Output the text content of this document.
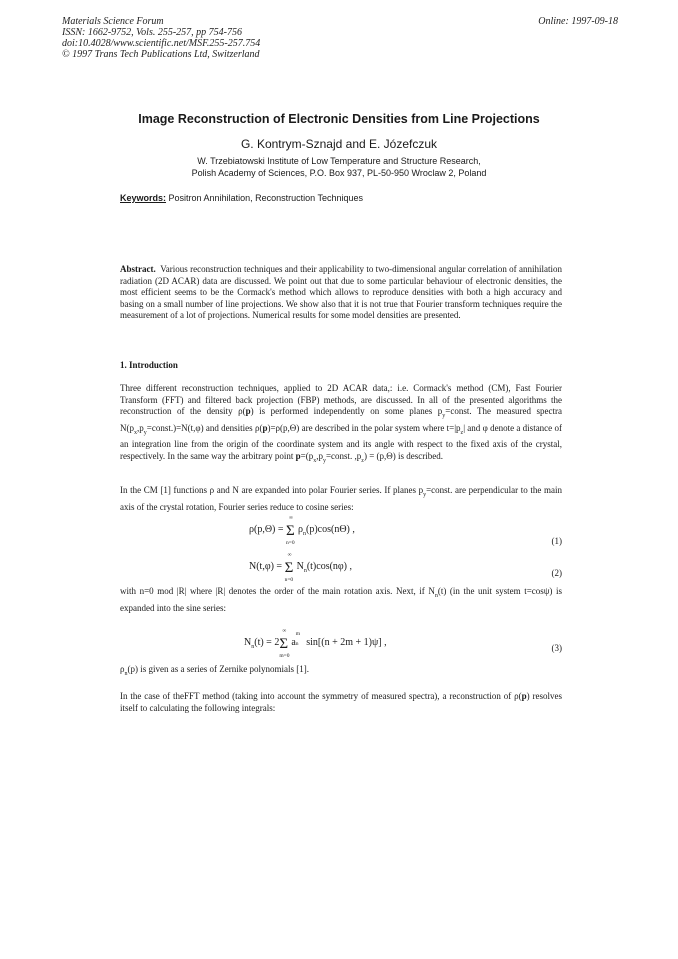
Materials Science Forum
ISSN: 1662-9752, Vols. 255-257, pp 754-756
doi:10.4028/www.scientific.net/MSF.255-257.754
© 1997 Trans Tech Publications Ltd, Switzerland
Online: 1997-09-18
Image Reconstruction of Electronic Densities from Line Projections
G. Kontrym-Sznajd and E. Józefczuk
W. Trzebiatowski Institute of Low Temperature and Structure Research,
Polish Academy of Sciences, P.O. Box 937, PL-50-950 Wroclaw 2, Poland
Keywords: Positron Annihilation, Reconstruction Techniques
Abstract. Various reconstruction techniques and their applicability to two-dimensional angular correlation of annihilation radiation (2D ACAR) data are discussed. We point out that due to some particular behaviour of electronic densities, the most efficient seems to be the Cormack's method which allows to reproduce densities with both a high accuracy and basing on a small number of line projections. We show also that it is not true that Fourier transform techniques require the measurement of a lot of projections. Numerical results for some model densities are presented.
1. Introduction
Three different reconstruction techniques, applied to 2D ACAR data,: i.e. Cormack's method (CM), Fast Fourier Transform (FFT) and filtered back projection (FBP) methods, are discussed. In all of the presented algorithms the reconstruction of the density ρ(p) is performed independently on some planes $p_y=const$. The measured spectra $N(p_x,p_y=const.)=N(t,\varphi)$ and densities ρ(p)=ρ(p,Θ) are described in the polar system where $t=|p_z|$ and φ denote a distance of an integration line from the origin of the coordinate system and its angle with respect to the fixed axis of the crystal, respectively. In the same way the arbitrary point $p=(p_x,p_y=const$. $,p_z) = (p,\Theta)$ is described.
In the CM [1] functions ρ and N are expanded into polar Fourier series. If planes $p_y=const$. are perpendicular to the main axis of the crystal rotation, Fourier series reduce to cosine series:
ρ(p,Θ) =
∞
Σ
n=0
$\rho_n(p)\cos(n\Theta)$ ,
(1)
N(t,φ) =
∞
Σ
n=0
$N_n(t)\cos(n\varphi)$ ,
(2)
with n=0 mod |R| where |R| denotes the order of the main rotation axis. Next, if $N_n(t)$ (in the unit system t=cosψ) is expanded into the sine series:
$N_n(t) = 2$
∞
Σ
m=0
a
m
n sin[(n + 2m + 1)ψ] ,	(3)
$\rho_n(p)$ is given as a series of Zernike polynomials [1].
In the case of theFFT method (taking into account the symmetry of measured spectra), a reconstruction of ρ(p) resolves itself to calculating the following integrals:
